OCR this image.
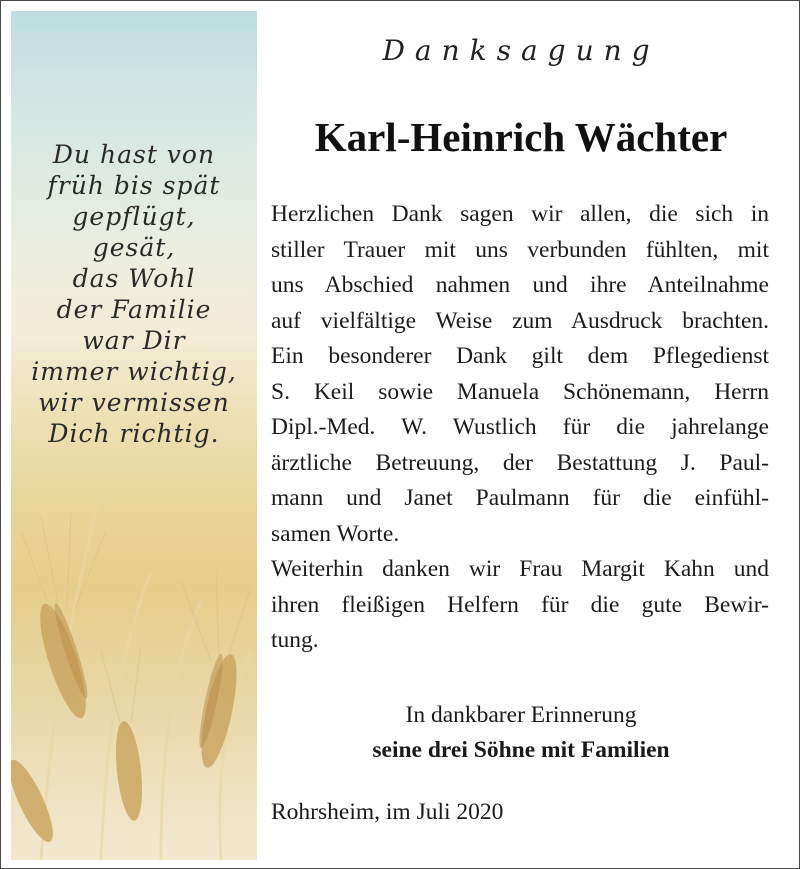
Du hast von
früh bis spät
gepflügt,
gesät,
das Wohl
der Familie
war Dir
immer wichtig,
wir vermissen
Dich richtig.
Danksagung
Karl-Heinrich Wächter
Herzlichen Dank sagen wir allen, die sich in
stiller Trauer mit uns verbunden fühlten, mit
uns Abschied nahmen und ihre Anteilnahme
auf vielfältige Weise zum Ausdruck brachten.
Ein besonderer Dank gilt dem Pflegedienst
S. Keil sowie Manuela Schönemann, Herrn
Dipl.-Med. W. Wustlich für die jahrelange
ärztliche Betreuung, der Bestattung J. Paul-
mann und Janet Paulmann für die einfühl-
samen Worte.
Weiterhin danken wir Frau Margit Kahn und
ihren fleißigen Helfern für die gute Bewir-
tung.
In dankbarer Erinnerung
seine drei Söhne mit Familien
Rohrsheim, im Juli 2020
